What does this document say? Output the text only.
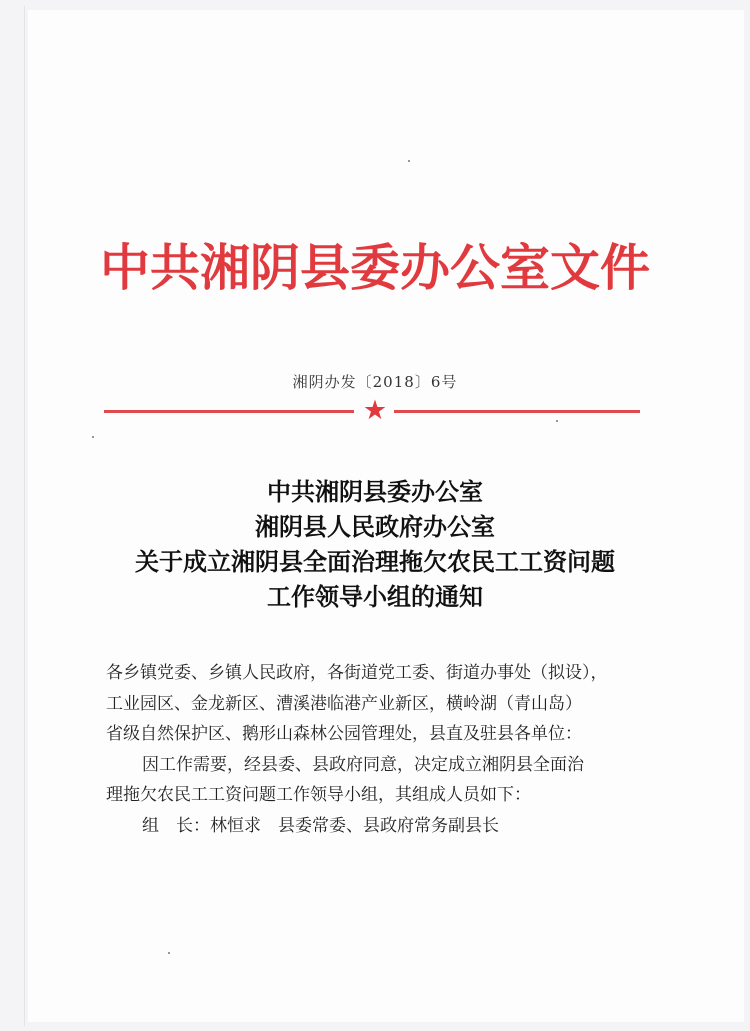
中共湘阴县委办公室文件
湘阴办发〔2018〕6号
★
中共湘阴县委办公室
湘阴县人民政府办公室
关于成立湘阴县全面治理拖欠农民工工资问题
工作领导小组的通知
各乡镇党委、乡镇人民政府，各街道党工委、街道办事处（拟设），
工业园区、金龙新区、漕溪港临港产业新区，横岭湖（青山岛）
省级自然保护区、鹅形山森林公园管理处，县直及驻县各单位：
因工作需要，经县委、县政府同意，决定成立湘阴县全面治
理拖欠农民工工资问题工作领导小组，其组成人员如下：
组　长：林恒求　县委常委、县政府常务副县长
